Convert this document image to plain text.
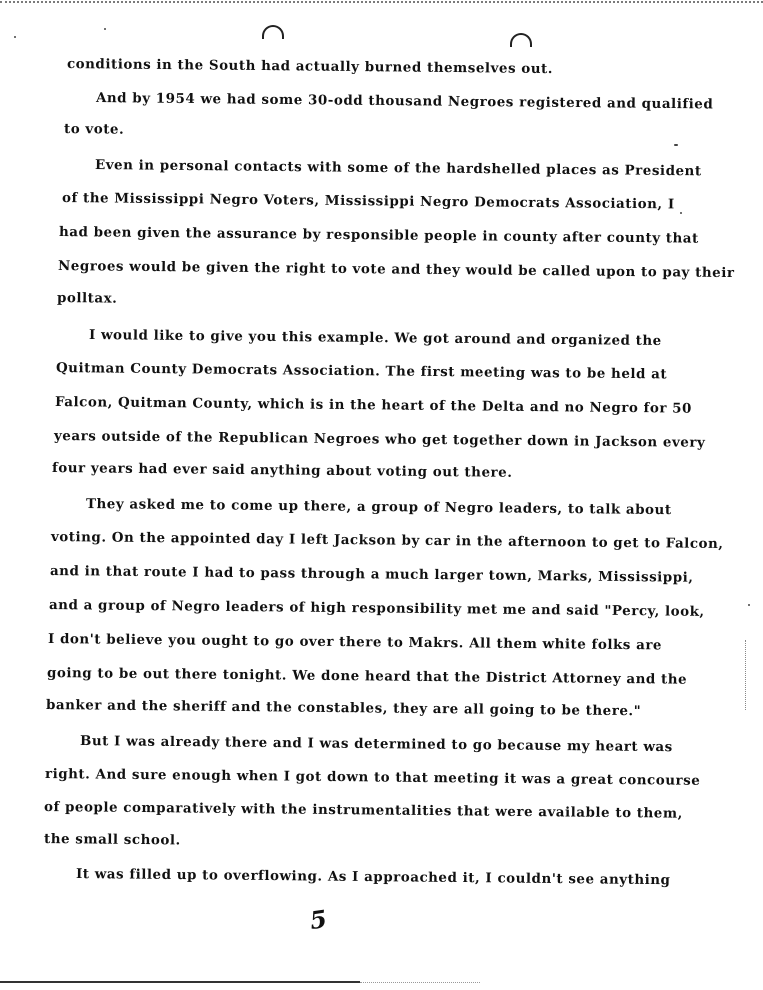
conditions in the South had actually burned themselves out.
And by 1954 we had some 30-odd thousand Negroes registered and qualified
to vote.
Even in personal contacts with some of the hardshelled places as President
of the Mississippi Negro Voters, Mississippi Negro Democrats Association, I
had been given the assurance by responsible people in county after county that
Negroes would be given the right to vote and they would be called upon to pay their
polltax.
I would like to give you this example. We got around and organized the
Quitman County Democrats Association. The first meeting was to be held at
Falcon, Quitman County, which is in the heart of the Delta and no Negro for 50
years outside of the Republican Negroes who get together down in Jackson every
four years had ever said anything about voting out there.
They asked me to come up there, a group of Negro leaders, to talk about
voting. On the appointed day I left Jackson by car in the afternoon to get to Falcon,
and in that route I had to pass through a much larger town, Marks, Mississippi,
and a group of Negro leaders of high responsibility met me and said "Percy, look,
I don't believe you ought to go over there to Makrs. All them white folks are
going to be out there tonight. We done heard that the District Attorney and the
banker and the sheriff and the constables, they are all going to be there."
But I was already there and I was determined to go because my heart was
right. And sure enough when I got down to that meeting it was a great concourse
of people comparatively with the instrumentalities that were available to them,
the small school.
It was filled up to overflowing. As I approached it, I couldn't see anything
5
